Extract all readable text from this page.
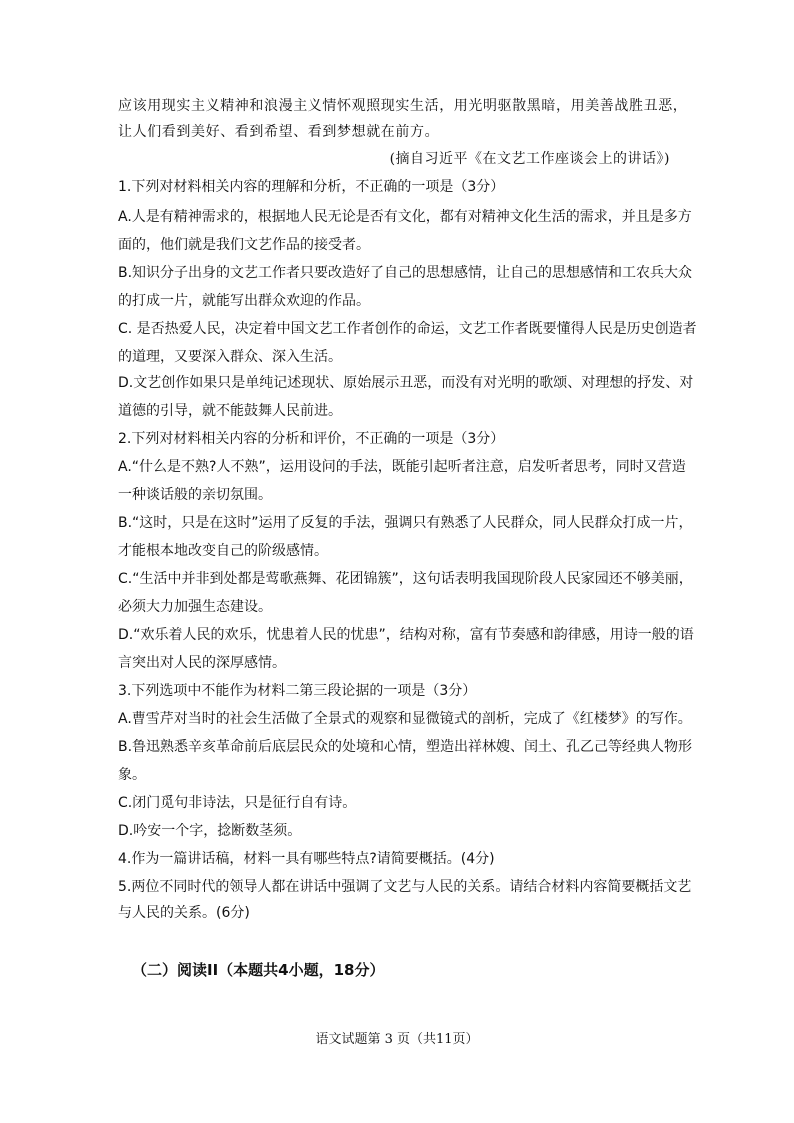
应该用现实主义精神和浪漫主义情怀观照现实生活，用光明驱散黑暗，用美善战胜丑恶，
让人们看到美好、看到希望、看到梦想就在前方。
(摘自习近平《在文艺工作座谈会上的讲话》)
1.下列对材料相关内容的理解和分析，不正确的一项是（3分）
A.人是有精神需求的，根据地人民无论是否有文化，都有对精神文化生活的需求，并且是多方
面的，他们就是我们文艺作品的接受者。
B.知识分子出身的文艺工作者只要改造好了自己的思想感情，让自己的思想感情和工农兵大众
的打成一片，就能写出群众欢迎的作品。
C. 是否热爱人民，决定着中国文艺工作者创作的命运，文艺工作者既要懂得人民是历史创造者
的道理，又要深入群众、深入生活。
D.文艺创作如果只是单纯记述现状、原始展示丑恶，而没有对光明的歌颂、对理想的抒发、对
道德的引导，就不能鼓舞人民前进。
2.下列对材料相关内容的分析和评价，不正确的一项是（3分）
A.“什么是不熟?人不熟”，运用设问的手法，既能引起听者注意，启发听者思考，同时又营造
一种谈话般的亲切氛围。
B.“这时，只是在这时”运用了反复的手法，强调只有熟悉了人民群众，同人民群众打成一片，
才能根本地改变自己的阶级感情。
C.“生活中并非到处都是莺歌燕舞、花团锦簇”，这句话表明我国现阶段人民家园还不够美丽，
必须大力加强生态建设。
D.“欢乐着人民的欢乐，忧患着人民的忧患”，结构对称，富有节奏感和韵律感，用诗一般的语
言突出对人民的深厚感情。
3.下列选项中不能作为材料二第三段论据的一项是（3分）
A.曹雪芹对当时的社会生活做了全景式的观察和显微镜式的剖析，完成了《红楼梦》的写作。
B.鲁迅熟悉辛亥革命前后底层民众的处境和心情，塑造出祥林嫂、闰土、孔乙己等经典人物形
象。
C.闭门觅句非诗法，只是征行自有诗。
D.吟安一个字，捻断数茎须。
4.作为一篇讲话稿，材料一具有哪些特点?请简要概括。(4分)
5.两位不同时代的领导人都在讲话中强调了文艺与人民的关系。请结合材料内容简要概括文艺
与人民的关系。(6分)
（二）阅读II（本题共4小题，18分）
语文试题第 3 页（共11页）
